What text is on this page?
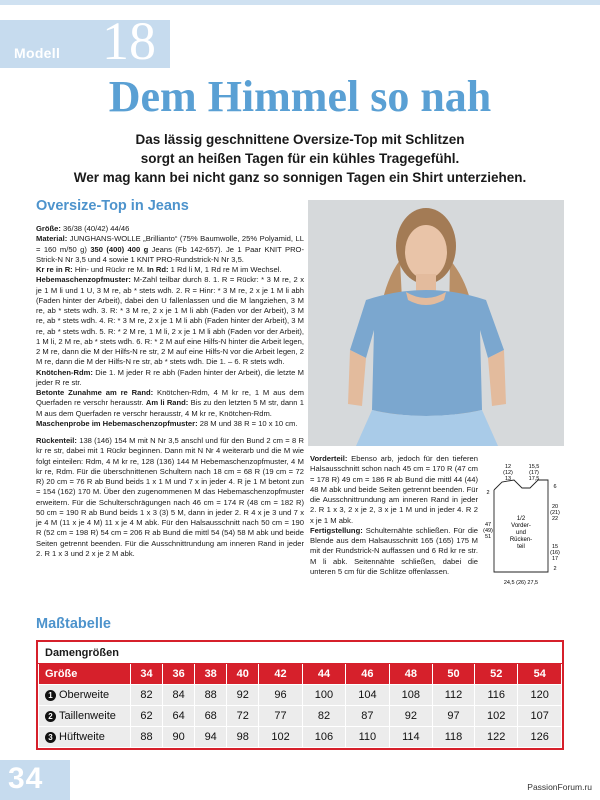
Modell 18
Dem Himmel so nah
Das lässig geschnittene Oversize-Top mit Schlitzen
sorgt an heißen Tagen für ein kühles Tragegefühl.
Wer mag kann bei nicht ganz so sonnigen Tagen ein Shirt unterziehen.
Oversize-Top in Jeans

Größe: 36/38 (40/42) 44/46

Material: JUNGHANS-WOLLE „Brillianto“ (75% Baumwolle, 25% Polyamid, LL = 160 m/50 g) 350 (400) 400 g Jeans (Fb 142-657). Je 1 Paar KNIT PRO-Strick-N Nr 3,5 und 4 sowie 1 KNIT PRO-Rundstrick-N Nr 3,5.

Kr re in R: Hin- und Rückr re M. In Rd: 1 Rd li M, 1 Rd re M im Wechsel.

Hebemaschenzopfmuster: M-Zahl teilbar durch 8. 1. R = Rückr: * 3 M re, 2 x je 1 M li und 1 U, 3 M re, ab * stets wdh. 2. R = Hinr: * 3 M re, 2 x je 1 M li abh (Faden hinter der Arbeit), dabei den U fallenlassen und die M langziehen, 3 M re, ab * stets wdh. 3. R: * 3 M re, 2 x je 1 M li abh (Faden vor der Arbeit), 3 M re, ab * stets wdh. 4. R: * 3 M re, 2 x je 1 M li abh (Faden hinter der Arbeit), 3 M re, ab * stets wdh. 5. R: * 2 M re, 1 M li, 2 x je 1 M li abh (Faden vor der Arbeit), 1 M li, 2 M re, ab * stets wdh. 6. R: * 2 M auf eine Hilfs-N hinter die Arbeit legen, 2 M re, dann die M der Hilfs-N re str, 2 M auf eine Hilfs-N vor die Arbeit legen, 2 M re, dann die M der Hilfs-N re str, ab * stets wdh. Die 1. – 6. R stets wdh.

Knötchen-Rdm: Die 1. M jeder R re abh (Faden hinter der Arbeit), die letzte M jeder R re str.

Betonte Zunahme am re Rand: Knötchen-Rdm, 4 M kr re, 1 M aus dem Querfaden re verschr herausstr. Am li Rand: Bis zu den letzten 5 M str, dann 1 M aus dem Querfaden re verschr herausstr, 4 M kr re, Knötchen-Rdm.

Maschenprobe im Hebemaschenzopfmuster: 28 M und 38 R = 10 x 10 cm.

Rückenteil: 138 (146) 154 M mit N Nr 3,5 anschl und für den Bund 2 cm = 8 R kr re str, dabei mit 1 Rückr beginnen. Dann mit N Nr 4 weiterarb und die M wie folgt einteilen: Rdm, 4 M kr re, 128 (136) 144 M Hebemaschenzopfmuster, 4 M kr re, Rdm. Für die überschnittenen Schultern nach 18 cm = 68 R (19 cm = 72 R) 20 cm = 76 R ab Bund beids 1 x 1 M und 7 x in jeder 4. R je 1 M betont zun = 154 (162) 170 M. Über den zugenommenen M das Hebemaschenzopfmuster erweitern. Für die Schulterschrägungen nach 46 cm = 174 R (48 cm = 182 R) 50 cm = 190 R ab Bund beids 1 x 3 (3) 5 M, dann in jeder 2. R 4 x je 3 und 7 x je 4 M (11 x je 4 M) 11 x je 4 M abk. Für den Halsausschnitt nach 50 cm = 190 R (52 cm = 198 R) 54 cm = 206 R ab Bund die mittl 54 (54) 58 M abk und beide Seiten getrennt beenden. Für die Ausschnittrundung am inneren Rand in jeder 2. R 1 x 3 und 2 x je 2 M abk.

Vorderteil: Ebenso arb, jedoch für den tieferen Halsausschnitt schon nach 45 cm = 170 R (47 cm = 178 R) 49 cm = 186 R ab Bund die mittl 44 (44) 48 M abk und beide Seiten getrennt beenden. Für die Ausschnittrundung am inneren Rand in jeder 2. R 1 x 3, 2 x je 2, 3 x je 1 M und in jeder 4. R 2 x je 1 M abk.

Fertigstellung: Schulternähte schließen. Für die Blende aus dem Halsausschnitt 165 (165) 175 M mit der Rundstrick-N auffassen und 6 Rd kr re str. M li abk. Seitennähte schließen, dabei die unteren 5 cm für die Schlitze offenlassen.

12
(12)
13
15,5
(17)
17,5
2
47
(49)
51
6
20
(21)
22
15
(16)
17
2
1/2
Vorder-
und
Rücken-
teil
24,5 (26) 27,5
Maßtabelle
Damengrößen											
Größe	34	36	38	40	42	44	46	48	50	52	54
1 Oberweite	82	84	88	92	96	100	104	108	112	116	120
2 Taillenweite	62	64	68	72	77	82	87	92	97	102	107
3 Hüftweite	88	90	94	98	102	106	110	114	118	122	126
34	PassionForum.ru
